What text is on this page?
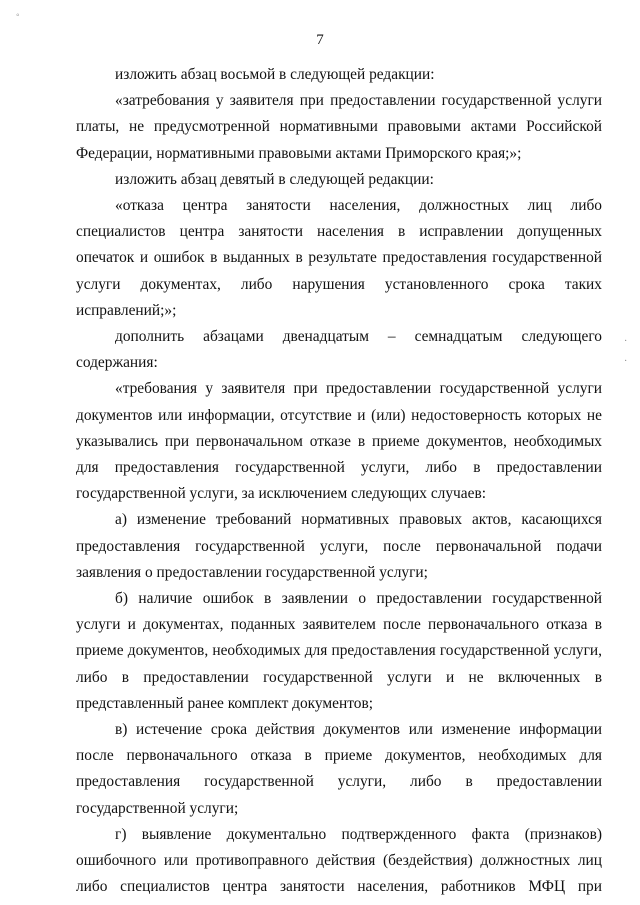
7

изложить абзац восьмой в следующей редакции:

«затребования у заявителя при предоставлении государственной услуги платы, не предусмотренной нормативными правовыми актами Российской Федерации, нормативными правовыми актами Приморского края;»;

изложить абзац девятый в следующей редакции:

«отказа центра занятости населения, должностных лиц либо специалистов центра занятости населения в исправлении допущенных опечаток и ошибок в выданных в результате предоставления государственной услуги документах, либо нарушения установленного срока таких исправлений;»;

дополнить абзацами двенадцатым – семнадцатым следующего содержания:

«требования у заявителя при предоставлении государственной услуги документов или информации, отсутствие и (или) недостоверность которых не указывались при первоначальном отказе в приеме документов, необходимых для предоставления государственной услуги, либо в предоставлении государственной услуги, за исключением следующих случаев:

а) изменение требований нормативных правовых актов, касающихся предоставления государственной услуги, после первоначальной подачи заявления о предоставлении государственной услуги;

б) наличие ошибок в заявлении о предоставлении государственной услуги и документах, поданных заявителем после первоначального отказа в приеме документов, необходимых для предоставления государственной услуги, либо в предоставлении государственной услуги и не включенных в представленный ранее комплект документов;

в) истечение срока действия документов или изменение информации после первоначального отказа в приеме документов, необходимых для предоставления государственной услуги, либо в предоставлении государственной услуги;

г) выявление документально подтвержденного факта (признаков) ошибочного или противоправного действия (бездействия) должностных лиц либо специалистов центра занятости населения, работников МФЦ при

◦
·
·
